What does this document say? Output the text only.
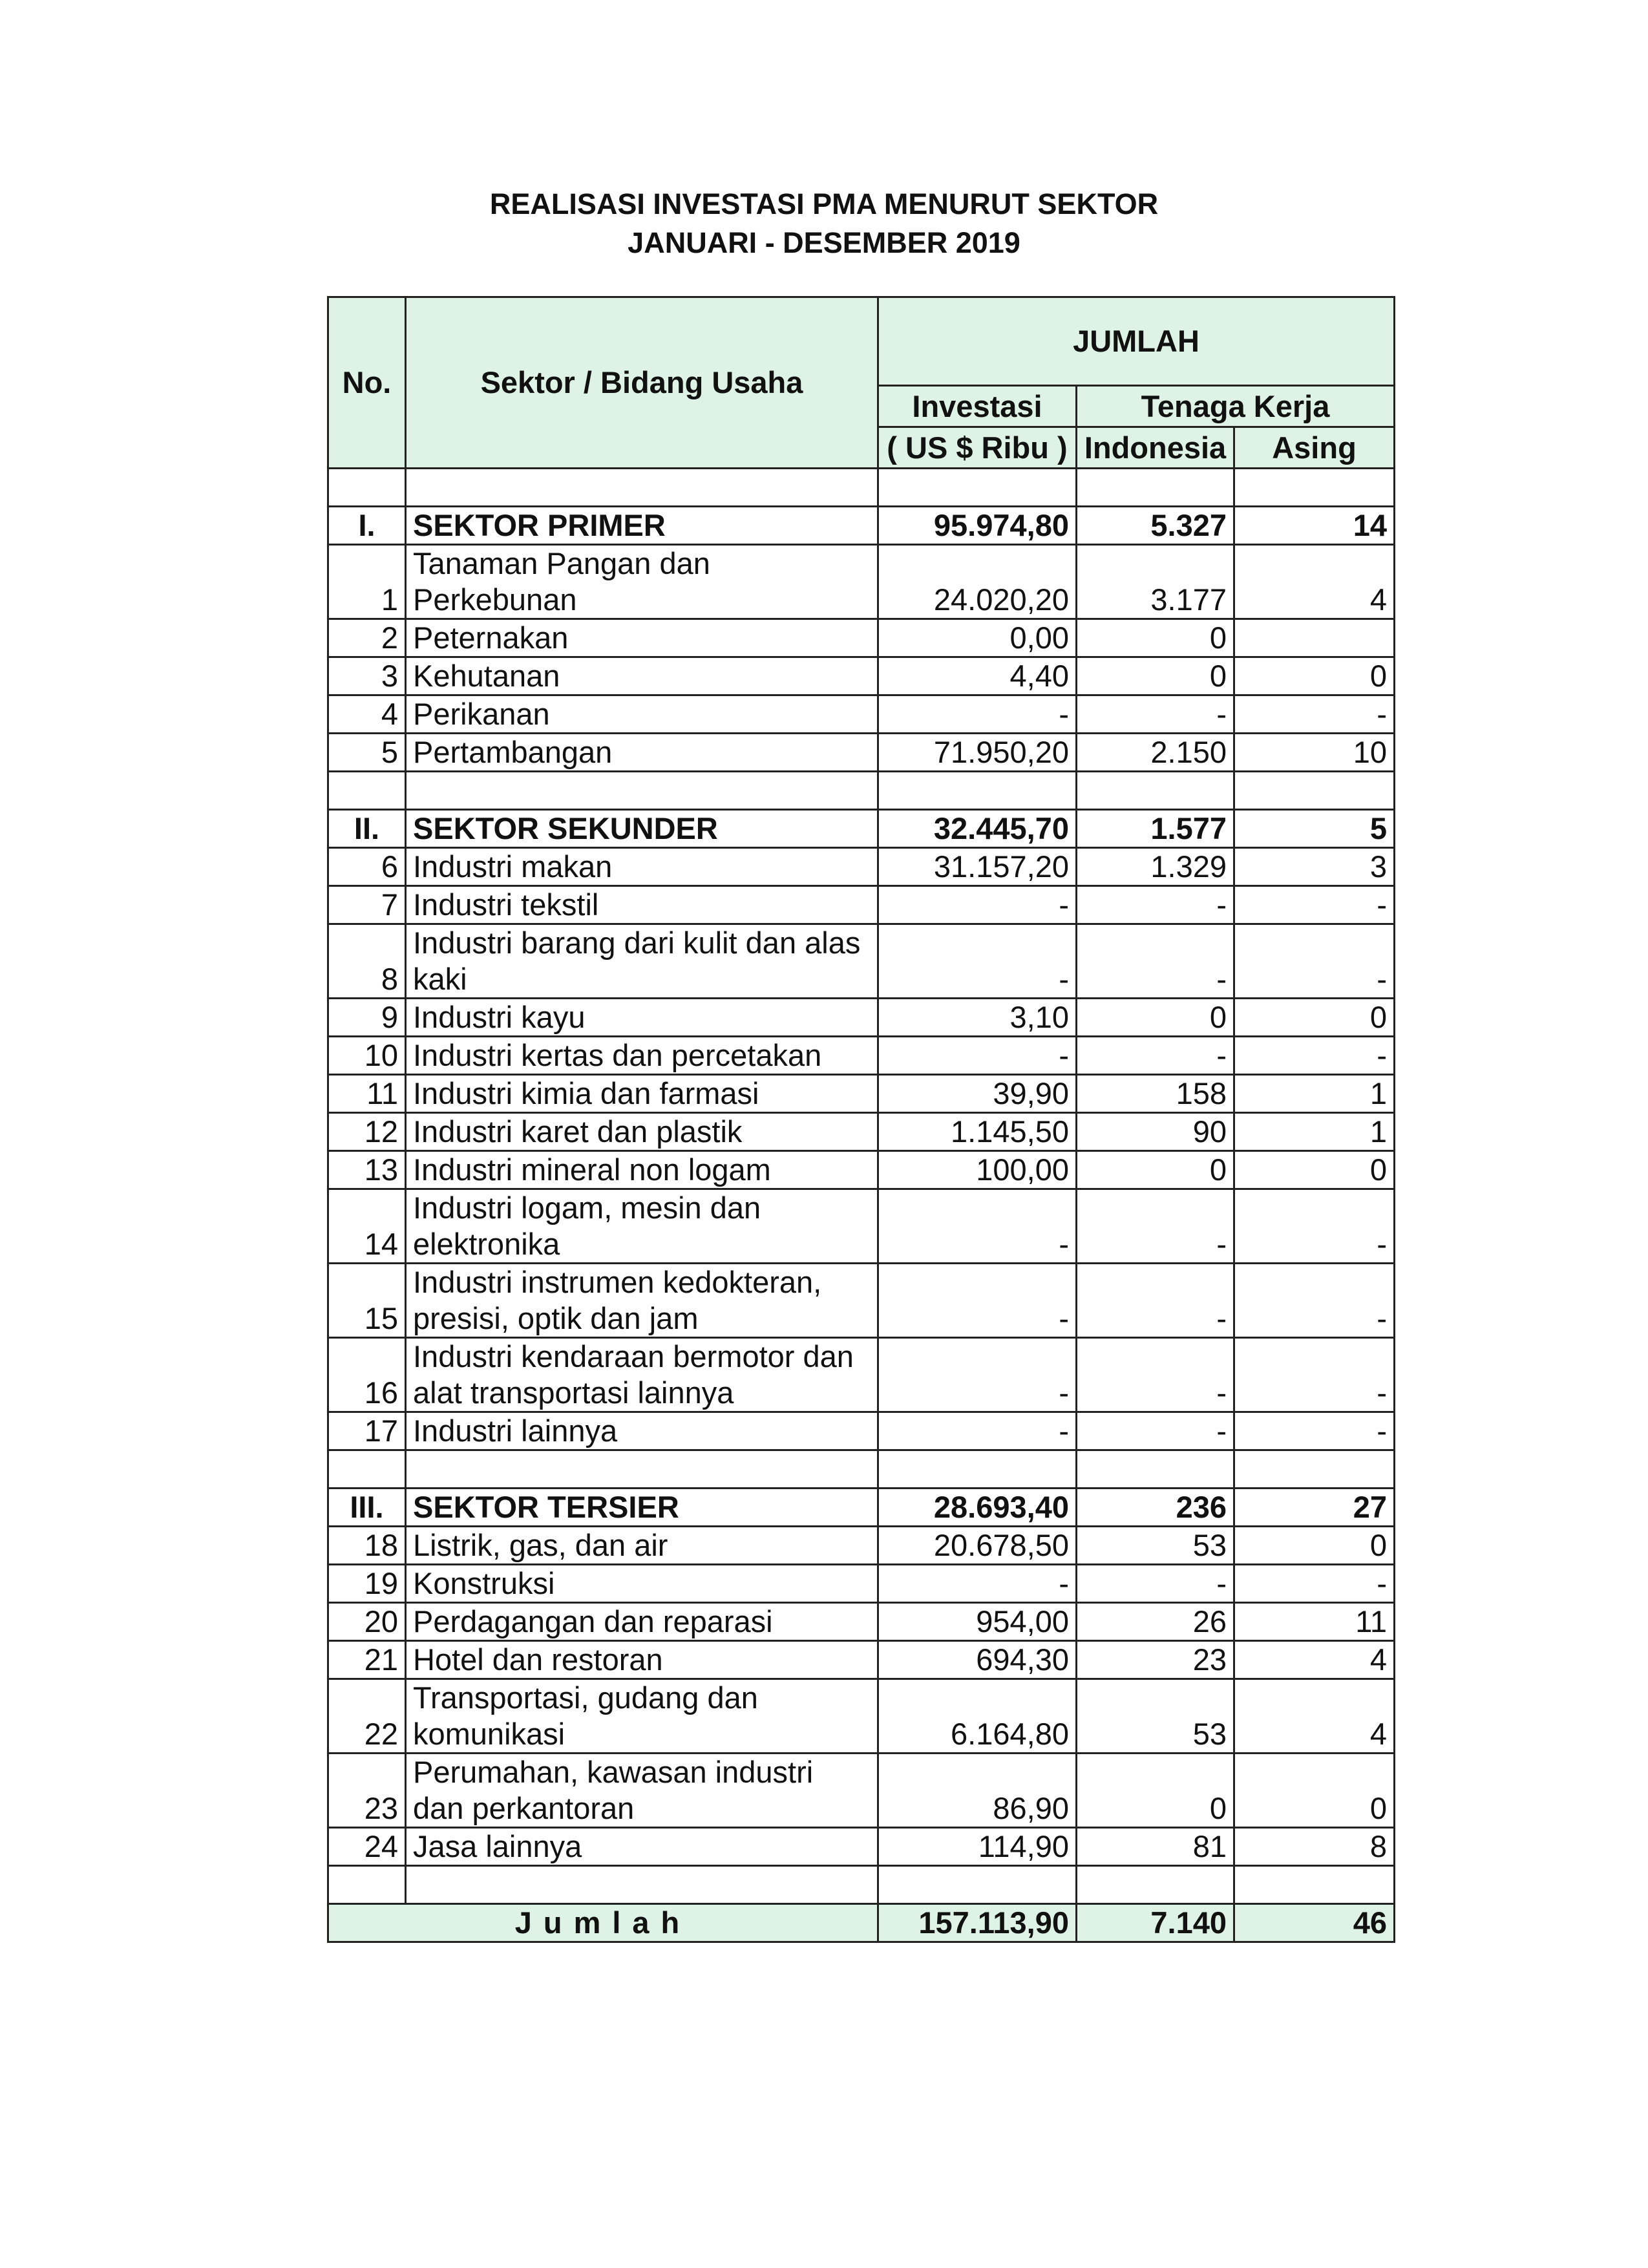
REALISASI INVESTASI PMA MENURUT SEKTOR
JANUARI - DESEMBER 2019
No.	Sektor / Bidang Usaha	JUMLAH		
		Investasi	Tenaga Kerja	
		( US $ Ribu )	Indonesia	Asing

I.	SEKTOR PRIMER	95.974,80	5.327	14
1	Tanaman Pangan dan Perkebunan	24.020,20	3.177	4
2	Peternakan	0,00	0	
3	Kehutanan	4,40	0	0
4	Perikanan	-	-	-
5	Pertambangan	71.950,20	2.150	10

II.	SEKTOR SEKUNDER	32.445,70	1.577	5
6	Industri makan	31.157,20	1.329	3
7	Industri tekstil	-	-	-
8	Industri barang dari kulit dan alas kaki	-	-	-
9	Industri kayu	3,10	0	0
10	Industri kertas dan percetakan	-	-	-
11	Industri kimia dan farmasi	39,90	158	1
12	Industri karet dan plastik	1.145,50	90	1
13	Industri mineral non logam	100,00	0	0
14	Industri logam, mesin dan elektronika	-	-	-
15	Industri instrumen kedokteran, presisi, optik dan jam	-	-	-
16	Industri kendaraan bermotor dan alat transportasi lainnya	-	-	-
17	Industri lainnya	-	-	-

III.	SEKTOR TERSIER	28.693,40	236	27
18	Listrik, gas, dan air	20.678,50	53	0
19	Konstruksi	-	-	-
20	Perdagangan dan reparasi	954,00	26	11
21	Hotel dan restoran	694,30	23	4
22	Transportasi, gudang dan komunikasi	6.164,80	53	4
23	Perumahan, kawasan industri dan perkantoran	86,90	0	0
24	Jasa lainnya	114,90	81	8

Jumlah		157.113,90	7.140	46
